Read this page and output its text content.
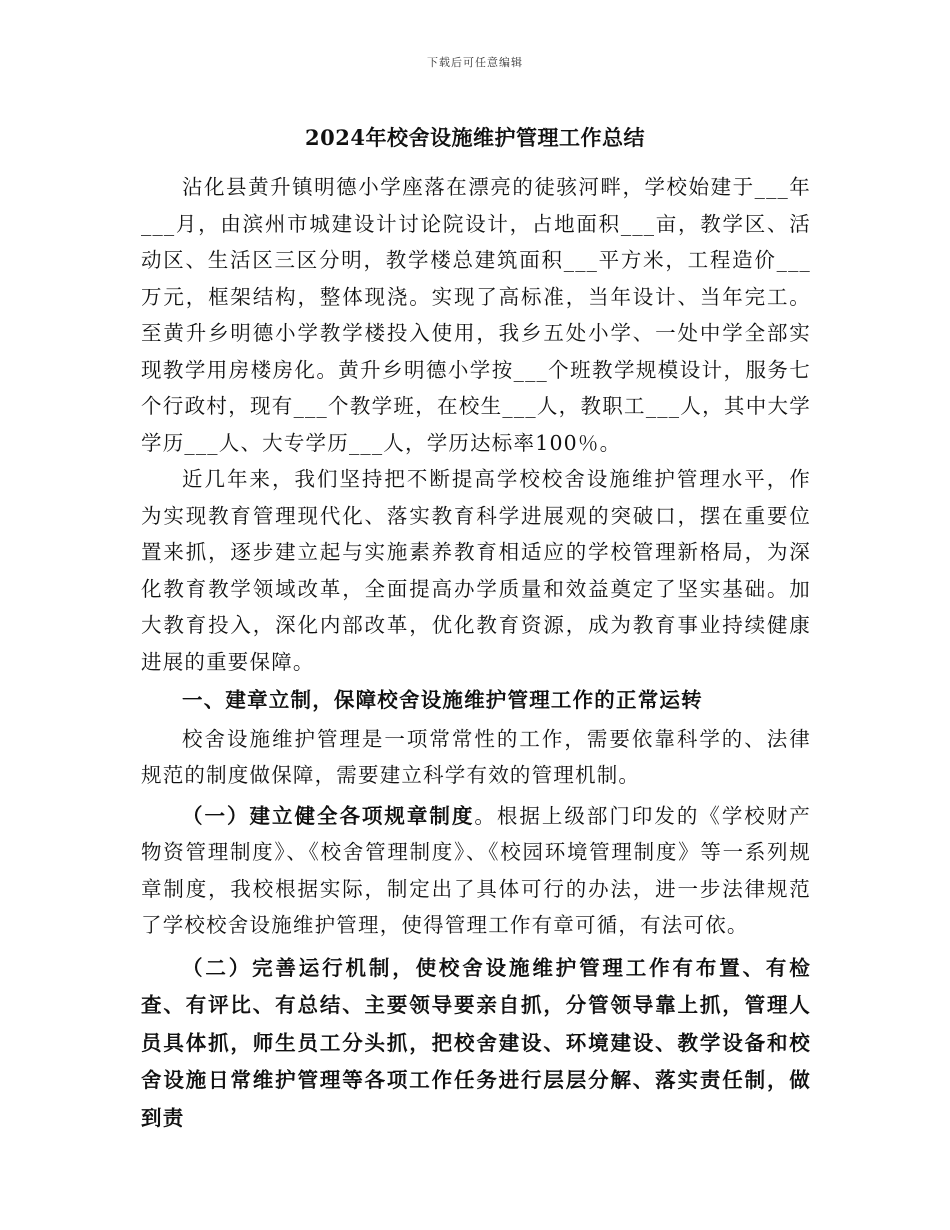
下载后可任意编辑
2024年校舍设施维护管理工作总结

沾化县黄升镇明德小学座落在漂亮的徒骇河畔，学校始建于___年___月，由滨州市城建设计讨论院设计，占地面积___亩，教学区、活动区、生活区三区分明，教学楼总建筑面积___平方米，工程造价___万元，框架结构，整体现浇。实现了高标准，当年设计、当年完工。至黄升乡明德小学教学楼投入使用，我乡五处小学、一处中学全部实现教学用房楼房化。黄升乡明德小学按___个班教学规模设计，服务七个行政村，现有___个教学班，在校生___人，教职工___人，其中大学学历___人、大专学历___人，学历达标率100％。

近几年来，我们坚持把不断提高学校校舍设施维护管理水平，作为实现教育管理现代化、落实教育科学进展观的突破口，摆在重要位置来抓，逐步建立起与实施素养教育相适应的学校管理新格局，为深化教育教学领域改革，全面提高办学质量和效益奠定了坚实基础。加大教育投入，深化内部改革，优化教育资源，成为教育事业持续健康进展的重要保障。

一、建章立制，保障校舍设施维护管理工作的正常运转

校舍设施维护管理是一项常常性的工作，需要依靠科学的、法律规范的制度做保障，需要建立科学有效的管理机制。

（一）建立健全各项规章制度。根据上级部门印发的《学校财产物资管理制度》、《校舍管理制度》、《校园环境管理制度》等一系列规章制度，我校根据实际，制定出了具体可行的办法，进一步法律规范了学校校舍设施维护管理，使得管理工作有章可循，有法可依。

（二）完善运行机制，使校舍设施维护管理工作有布置、有检查、有评比、有总结、主要领导要亲自抓，分管领导靠上抓，管理人员具体抓，师生员工分头抓，把校舍建设、环境建设、教学设备和校舍设施日常维护管理等各项工作任务进行层层分解、落实责任制，做到责
